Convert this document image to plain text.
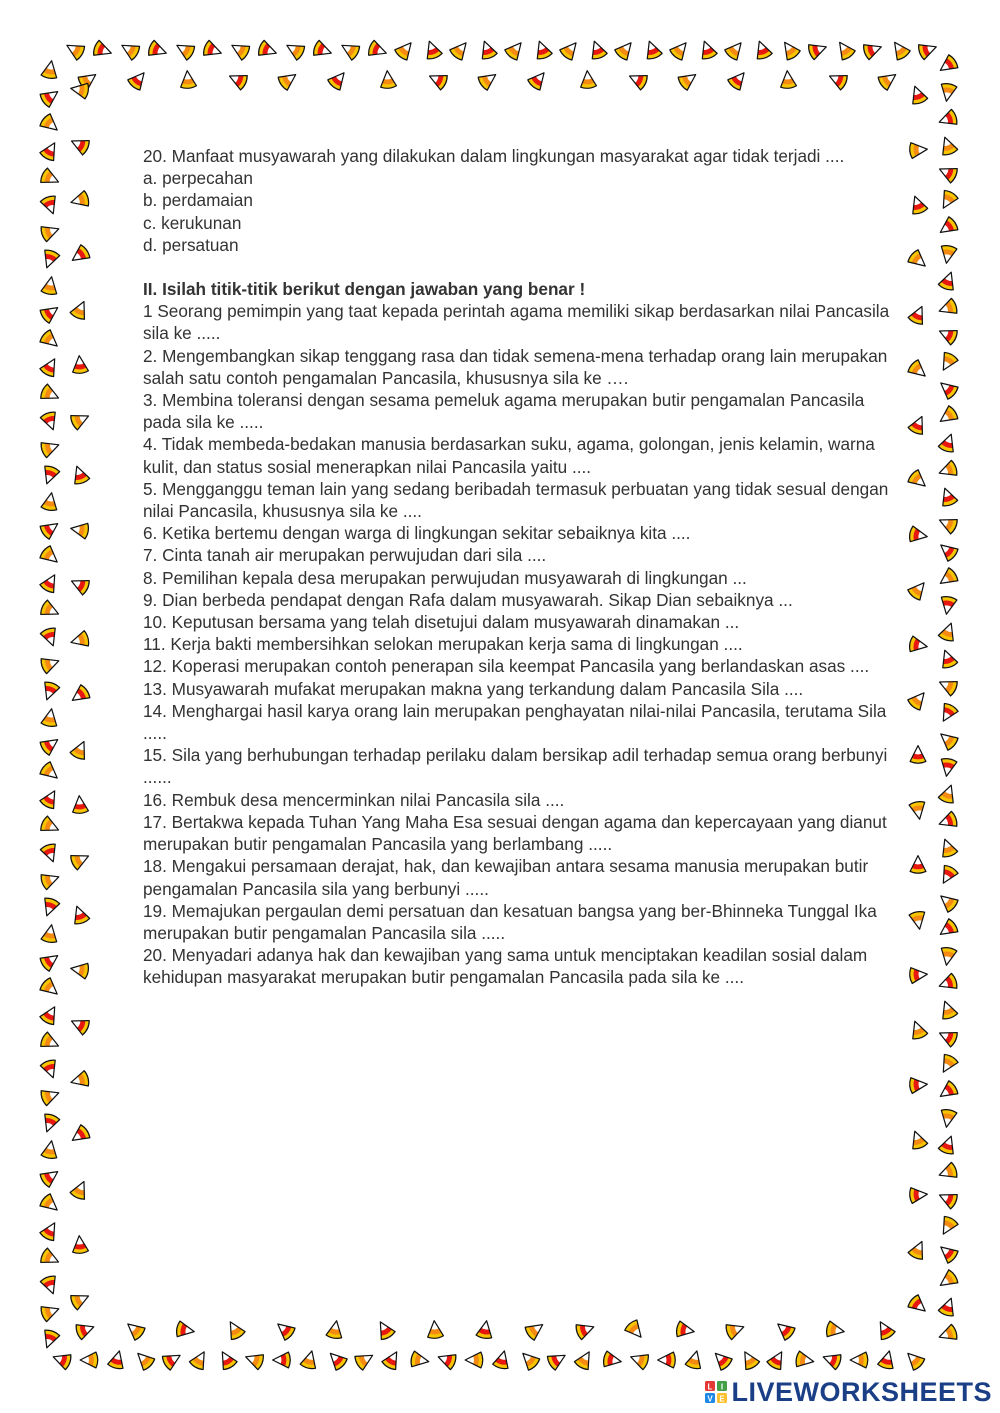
20. Manfaat musyawarah yang dilakukan dalam lingkungan masyarakat agar tidak terjadi ....

a. perpecahan

b. perdamaian

c. kerukunan

d. persatuan

II. Isilah titik-titik berikut dengan jawaban yang benar !

1 Seorang pemimpin yang taat kepada perintah agama memiliki sikap berdasarkan nilai Pancasila sila ke .....

2. Mengembangkan sikap tenggang rasa dan tidak semena-mena terhadap orang lain merupakan salah satu contoh pengamalan Pancasila, khususnya sila ke ….

3. Membina toleransi dengan sesama pemeluk agama merupakan butir pengamalan Pancasila pada sila ke .....

4. Tidak membeda-bedakan manusia berdasarkan suku, agama, golongan, jenis kelamin, warna kulit, dan status sosial menerapkan nilai Pancasila yaitu ....

5. Mengganggu teman lain yang sedang beribadah termasuk perbuatan yang tidak sesual dengan nilai Pancasila, khususnya sila ke ....

6. Ketika bertemu dengan warga di lingkungan sekitar sebaiknya kita ....

7. Cinta tanah air merupakan perwujudan dari sila ....

8. Pemilihan kepala desa merupakan perwujudan musyawarah di lingkungan ...

9. Dian berbeda pendapat dengan Rafa dalam musyawarah. Sikap Dian sebaiknya ...

10. Keputusan bersama yang telah disetujui dalam musyawarah dinamakan ...

11. Kerja bakti membersihkan selokan merupakan kerja sama di lingkungan ....

12. Koperasi merupakan contoh penerapan sila keempat Pancasila yang berlandaskan asas ....

13. Musyawarah mufakat merupakan makna yang terkandung dalam Pancasila Sila ....

14. Menghargai hasil karya orang lain merupakan penghayatan nilai-nilai Pancasila, terutama Sila .....

15. Sila yang berhubungan terhadap perilaku dalam bersikap adil terhadap semua orang berbunyi ......

16. Rembuk desa mencerminkan nilai Pancasila sila ....

17. Bertakwa kepada Tuhan Yang Maha Esa sesuai dengan agama dan kepercayaan yang dianut merupakan butir pengamalan Pancasila yang berlambang .....

18. Mengakui persamaan derajat, hak, dan kewajiban antara sesama manusia merupakan butir pengamalan Pancasila sila yang berbunyi .....

19. Memajukan pergaulan demi persatuan dan kesatuan bangsa yang ber-Bhinneka Tunggal Ika merupakan butir pengamalan Pancasila sila .....

20. Menyadari adanya hak dan kewajiban yang sama untuk menciptakan keadilan sosial dalam kehidupan masyarakat merupakan butir pengamalan Pancasila pada sila ke ....

L I
V E LIVEWORKSHEETS
